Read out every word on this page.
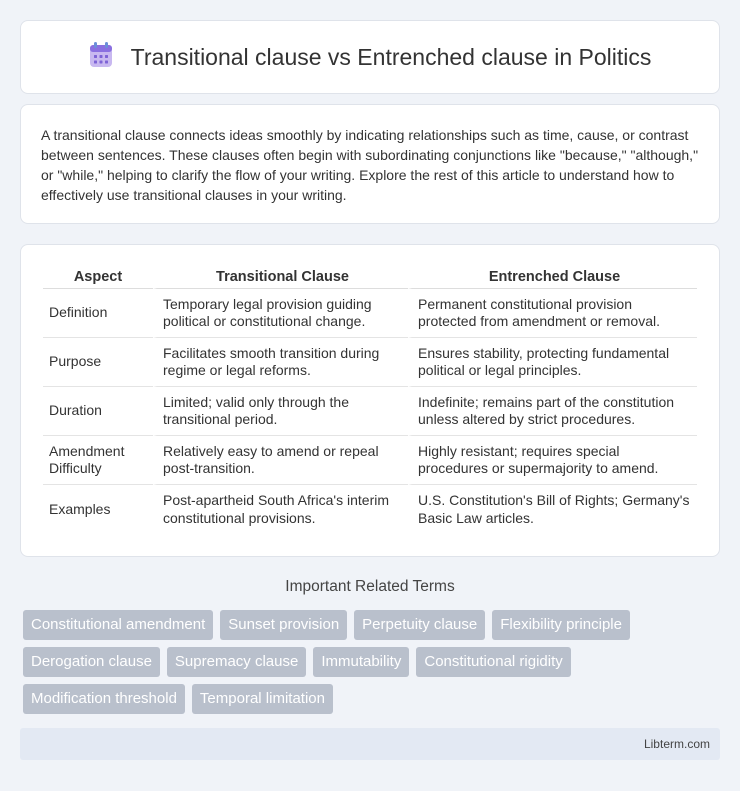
Transitional clause vs Entrenched clause in Politics

A transitional clause connects ideas smoothly by indicating relationships such as time, cause, or contrast between sentences. These clauses often begin with subordinating conjunctions like "because," "although," or "while," helping to clarify the flow of your writing. Explore the rest of this article to understand how to effectively use transitional clauses in your writing.

Aspect	Transitional Clause	Entrenched Clause
Definition	Temporary legal provision guiding political or constitutional change.	Permanent constitutional provision protected from amendment or removal.
Purpose	Facilitates smooth transition during regime or legal reforms.	Ensures stability, protecting fundamental political or legal principles.
Duration	Limited; valid only through the transitional period.	Indefinite; remains part of the constitution unless altered by strict procedures.
Amendment Difficulty	Relatively easy to amend or repeal post-transition.	Highly resistant; requires special procedures or supermajority to amend.
Examples	Post-apartheid South Africa's interim constitutional provisions.	U.S. Constitution's Bill of Rights; Germany's Basic Law articles.
Important Related Terms
Constitutional amendment	Sunset provision	Perpetuity clause	Flexibility principle
Derogation clause	Supremacy clause	Immutability	Constitutional rigidity
Modification threshold	Temporal limitation
Libterm.com
